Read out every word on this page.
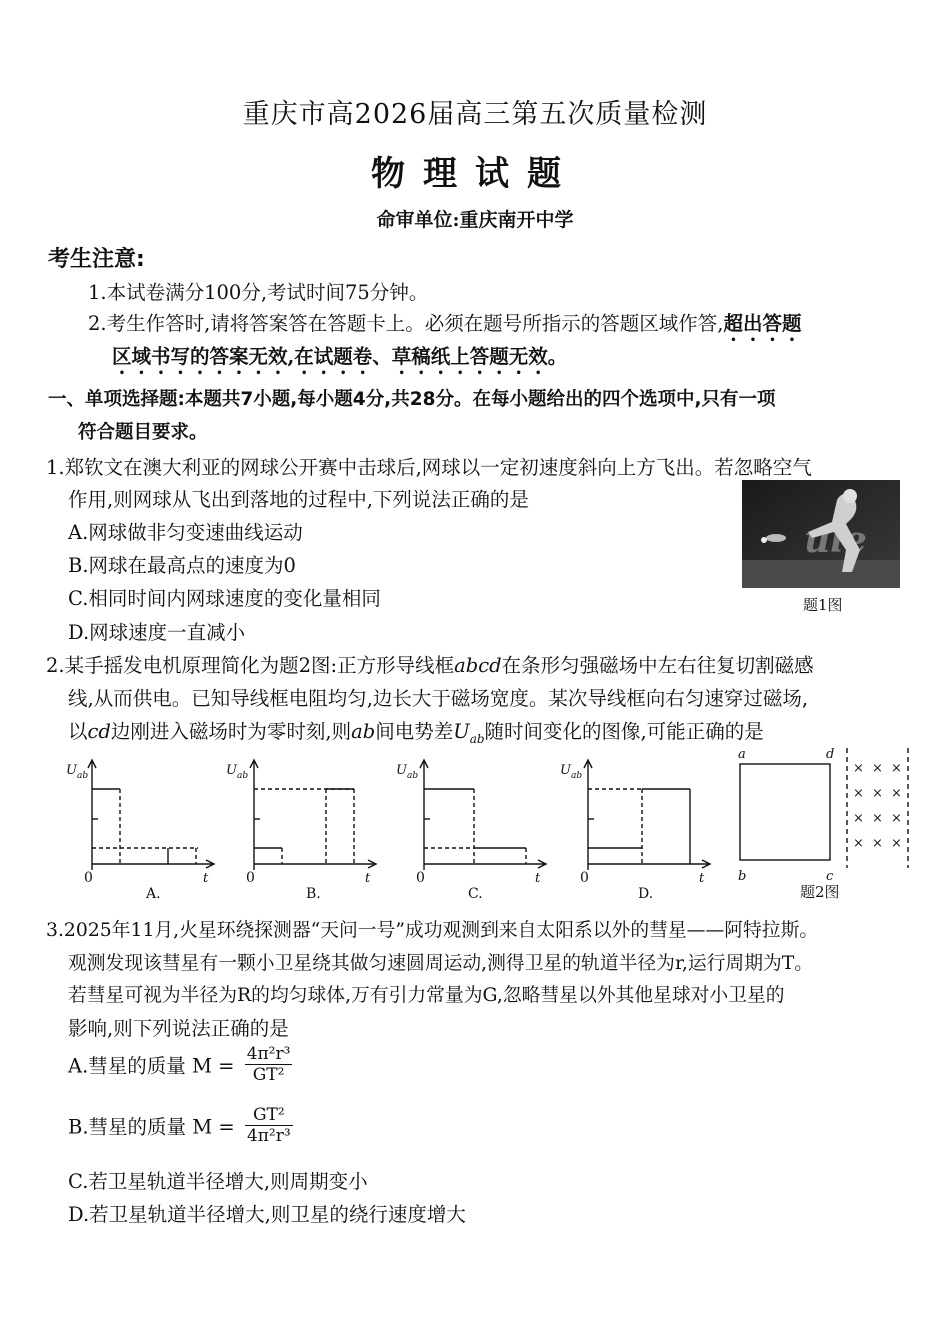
重庆市高2026届高三第五次质量检测
物理试题
命审单位:重庆南开中学
考生注意:
1.本试卷满分100分,考试时间75分钟。
2.考生作答时,请将答案答在答题卡上。必须在题号所指示的答题区域作答,超出答题
区域书写的答案无效,在试题卷、草稿纸上答题无效。
一、单项选择题:本题共7小题,每小题4分,共28分。在每小题给出的四个选项中,只有一项
符合题目要求。
1.郑钦文在澳大利亚的网球公开赛中击球后,网球以一定初速度斜向上方飞出。若忽略空气
作用,则网球从飞出到落地的过程中,下列说法正确的是
A.网球做非匀变速曲线运动
B.网球在最高点的速度为0
C.相同时间内网球速度的变化量相同
D.网球速度一直减小
ule
题1图
2.某手摇发电机原理简化为题2图:正方形导线框abcd在条形匀强磁场中左右往复切割磁感
线,从而供电。已知导线框电阻均匀,边长大于磁场宽度。某次导线框向右匀速穿过磁场,
以cd边刚进入磁场时为零时刻,则ab间电势差$U_{ab}$随时间变化的图像,可能正确的是
$U_{ab}$	$U_{ab}$	$U_{ab}$	$U_{ab}$
t	t	t	t
a	d
b	c
0	0	0	0
A.	B.	C.	D.	题2图
× × ×
× × ×
× × ×
× × ×
3.2025年11月,火星环绕探测器“天问一号”成功观测到来自太阳系以外的彗星——阿特拉斯。
观测发现该彗星有一颗小卫星绕其做匀速圆周运动,测得卫星的轨道半径为r,运行周期为T。
若彗星可视为半径为R的均匀球体,万有引力常量为G,忽略彗星以外其他星球对小卫星的
影响,则下列说法正确的是
A.彗星的质量 $M = \frac{\text{4π²r³}}{\text{GT²}}$
B.彗星的质量 $M = \frac{\text{GT²}}{\text{4π²r³}}$
C.若卫星轨道半径增大,则周期变小
D.若卫星轨道半径增大,则卫星的绕行速度增大
